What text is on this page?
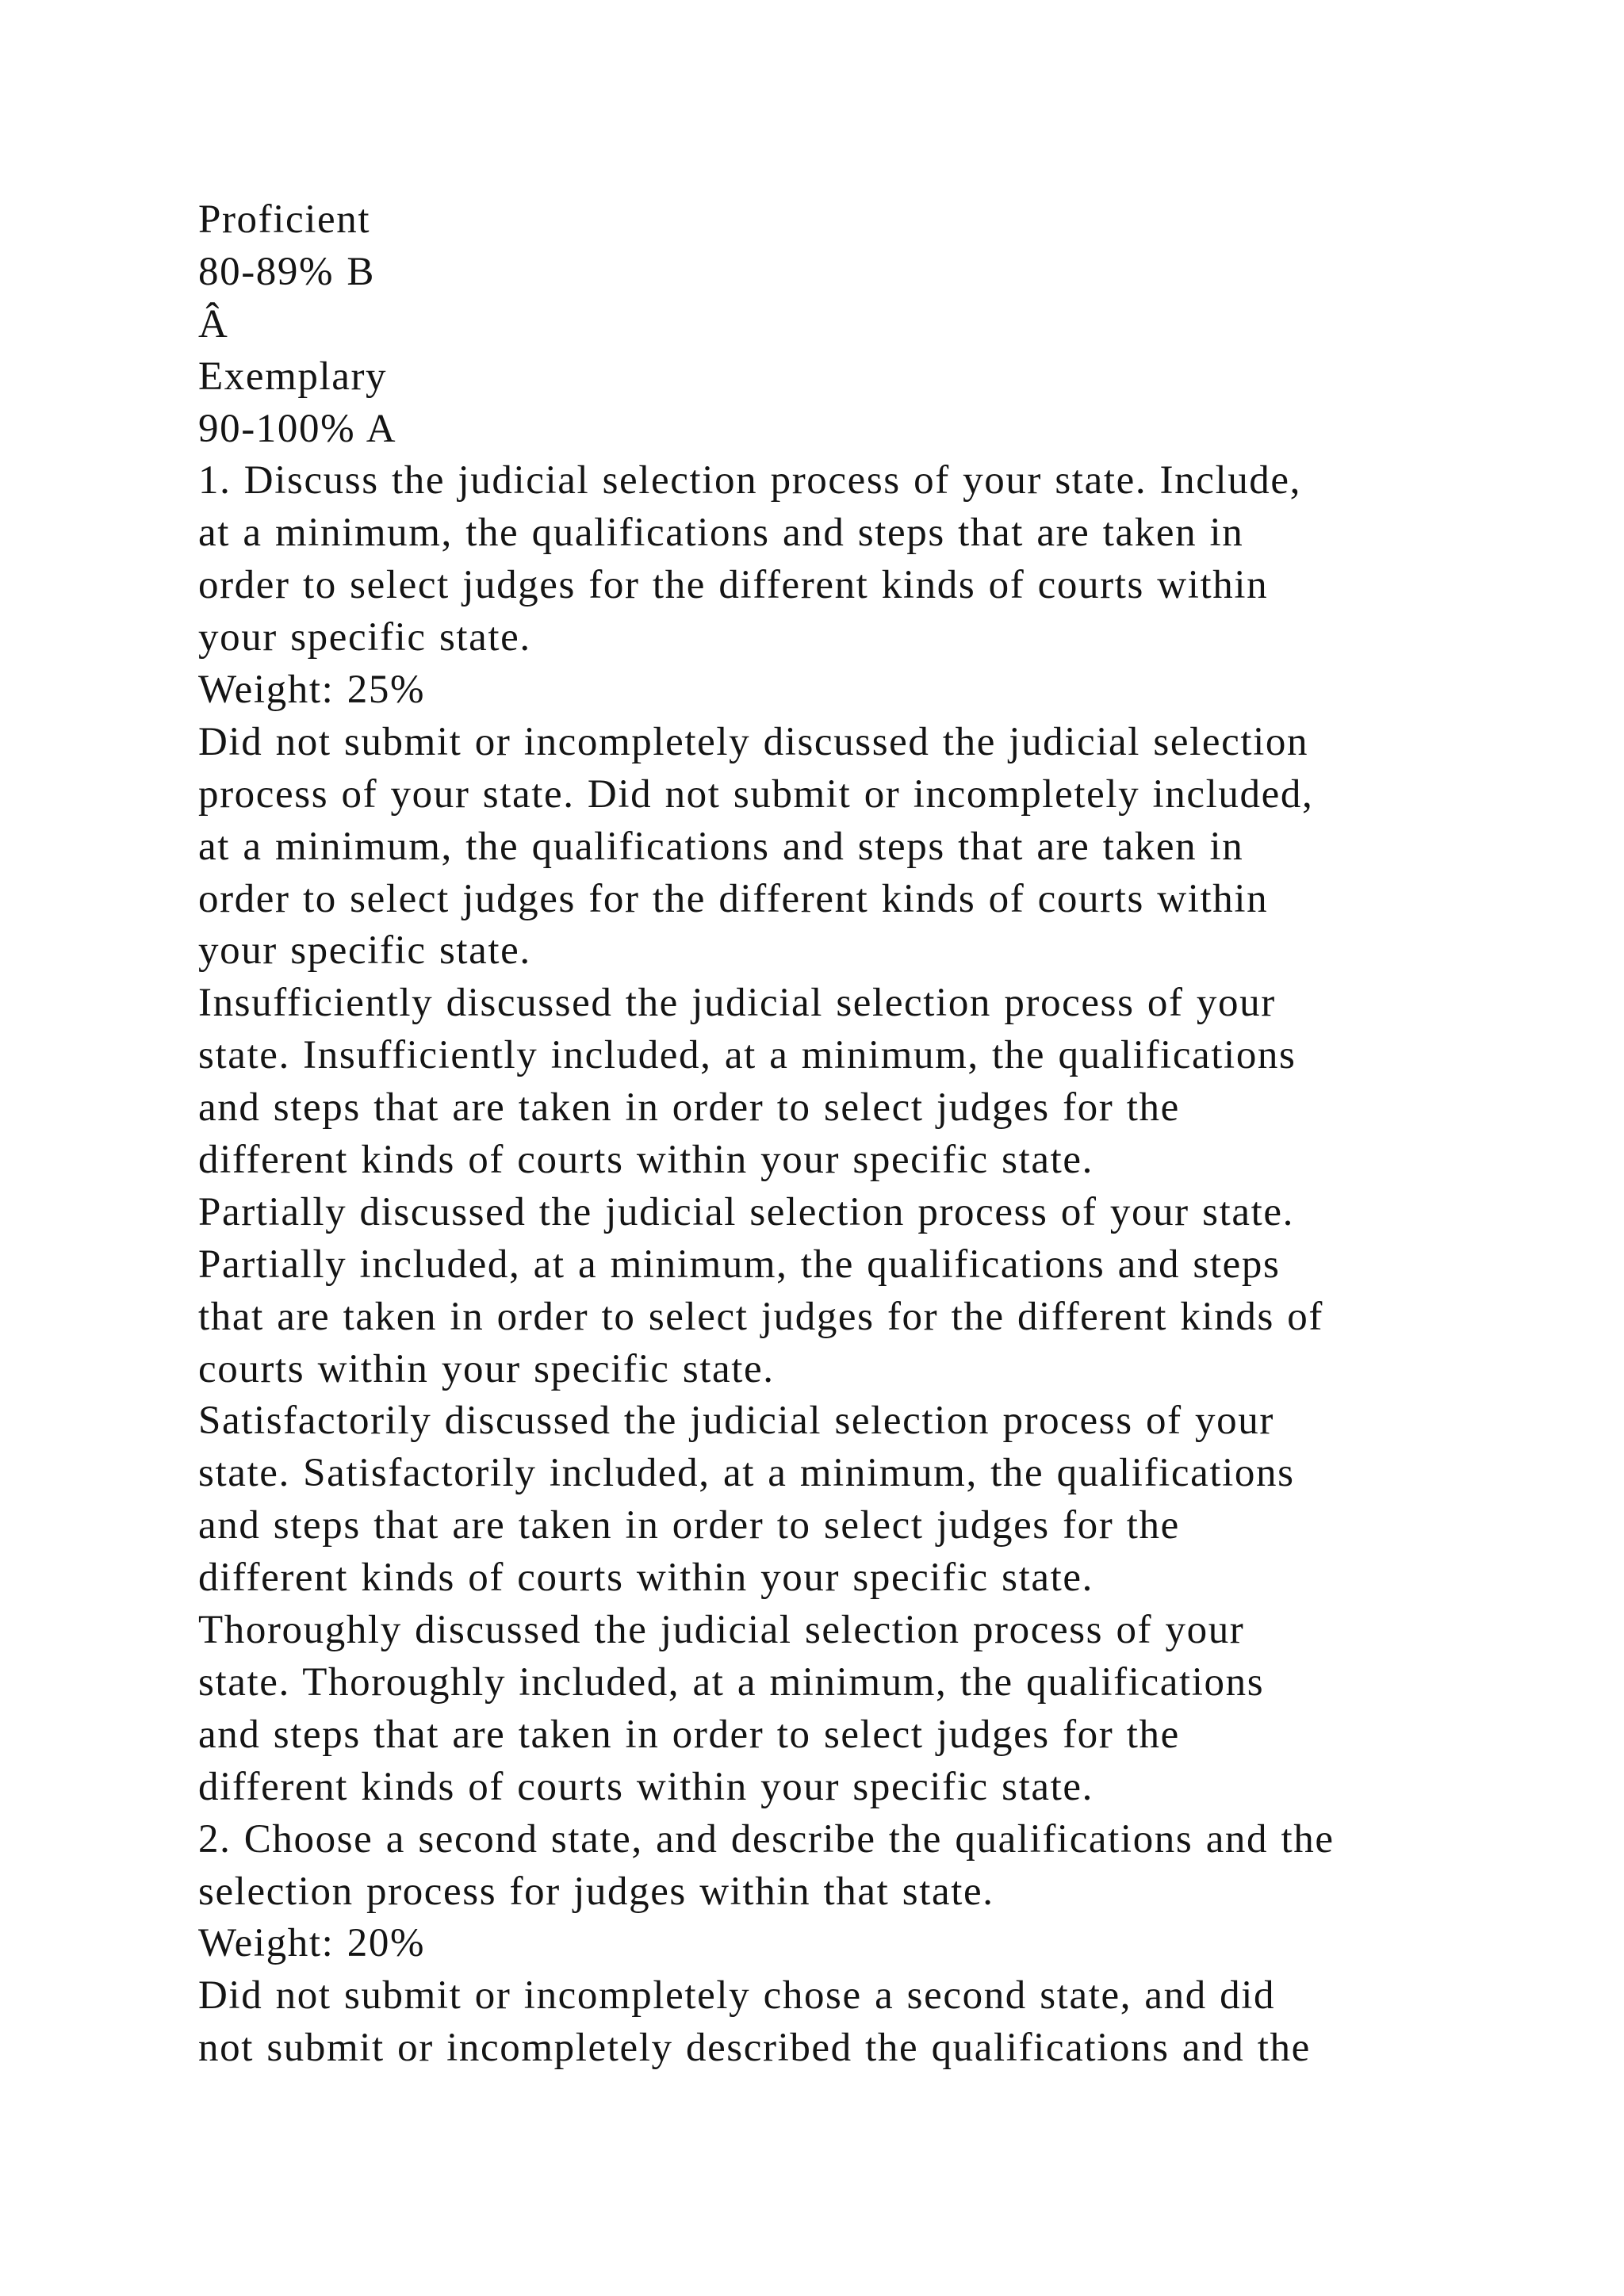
Proficient
80-89% B
Â
Exemplary
90-100% A
1. Discuss the judicial selection process of your state. Include,
at a minimum, the qualifications and steps that are taken in
order to select judges for the different kinds of courts within
your specific state.
Weight: 25%
Did not submit or incompletely discussed the judicial selection
process of your state. Did not submit or incompletely included,
at a minimum, the qualifications and steps that are taken in
order to select judges for the different kinds of courts within
your specific state.
Insufficiently discussed the judicial selection process of your
state. Insufficiently included, at a minimum, the qualifications
and steps that are taken in order to select judges for the
different kinds of courts within your specific state.
Partially discussed the judicial selection process of your state.
Partially included, at a minimum, the qualifications and steps
that are taken in order to select judges for the different kinds of
courts within your specific state.
Satisfactorily discussed the judicial selection process of your
state. Satisfactorily included, at a minimum, the qualifications
and steps that are taken in order to select judges for the
different kinds of courts within your specific state.
Thoroughly discussed the judicial selection process of your
state. Thoroughly included, at a minimum, the qualifications
and steps that are taken in order to select judges for the
different kinds of courts within your specific state.
2. Choose a second state, and describe the qualifications and the
selection process for judges within that state.
Weight: 20%
Did not submit or incompletely chose a second state, and did
not submit or incompletely described the qualifications and the
